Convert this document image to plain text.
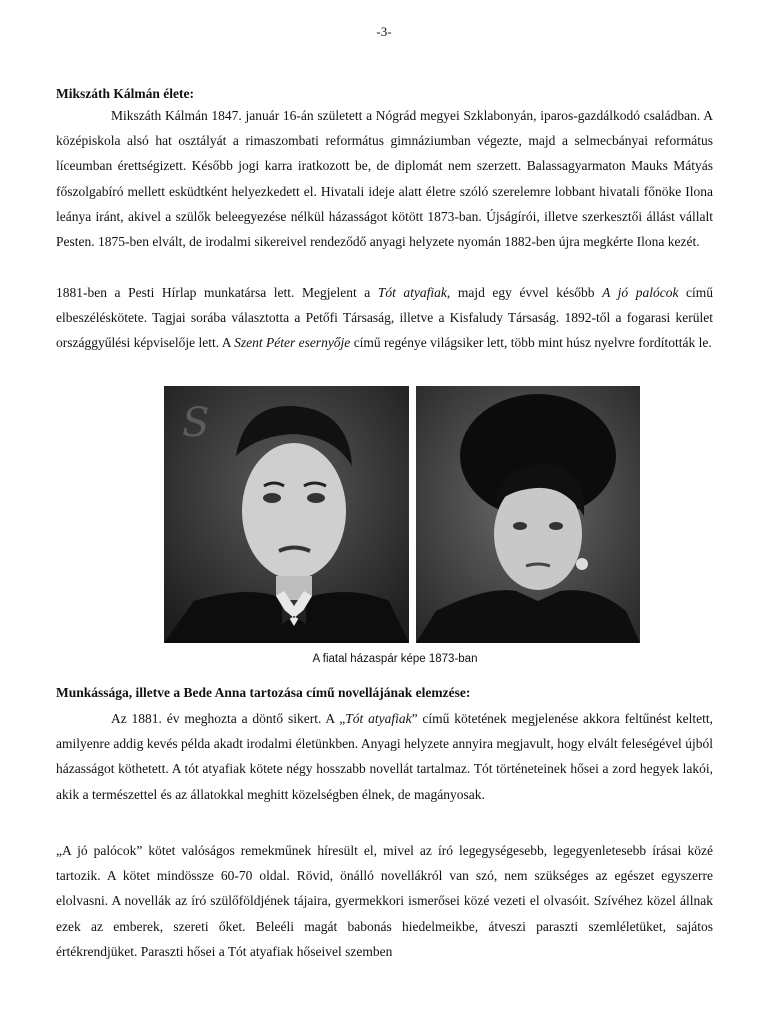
-3-
Mikszáth Kálmán élete:

Mikszáth Kálmán 1847. január 16-án született a Nógrád megyei Szklabonyán, iparos-gazdálkodó családban. A középiskola alsó hat osztályát a rimaszombati református gimnáziumban végezte, majd a selmecbányai református líceumban érettségizett. Később jogi karra iratkozott be, de diplomát nem szerzett. Balassagyarmaton Mauks Mátyás főszolgabíró mellett esküdtként helyezkedett el. Hivatali ideje alatt életre szóló szerelemre lobbant hivatali főnöke Ilona leánya iránt, akivel a szülők beleegyezése nélkül házasságot kötött 1873-ban. Újságírói, illetve szerkesztői állást vállalt Pesten. 1875-ben elvált, de irodalmi sikereivel rendeződő anyagi helyzete nyomán 1882-ben újra megkérte Ilona kezét.

1881-ben a Pesti Hírlap munkatársa lett. Megjelent a Tót atyafiak, majd egy évvel később A jó palócok című elbeszéléskötete. Tagjai sorába választotta a Petőfi Társaság, illetve a Kisfaludy Társaság. 1892-től a fogarasi kerület országgyűlési képviselője lett. A Szent Péter esernyője című regénye világsiker lett, több mint húsz nyelvre fordították le.

S
A fiatal házaspár képe 1873-ban
Munkássága, illetve a Bede Anna tartozása című novellájának elemzése:

Az 1881. év meghozta a döntő sikert. A „Tót atyafiak” című kötetének megjelenése akkora feltűnést keltett, amilyenre addig kevés példa akadt irodalmi életünkben. Anyagi helyzete annyira megjavult, hogy elvált feleségével újból házasságot köthetett. A tót atyafiak kötete négy hosszabb novellát tartalmaz. Tót történeteinek hősei a zord hegyek lakói, akik a természettel és az állatokkal meghitt közelségben élnek, de magányosak.

„A jó palócok” kötet valóságos remekműnek híresült el, mivel az író legegységesebb, legegyenletesebb írásai közé tartozik. A kötet mindössze 60-70 oldal. Rövid, önálló novellákról van szó, nem szükséges az egészet egyszerre elolvasni. A novellák az író szülőföldjének tájaira, gyermekkori ismerősei közé vezeti el olvasóit. Szívéhez közel állnak ezek az emberek, szereti őket. Beleéli magát babonás hiedelmeikbe, átveszi paraszti szemléletüket, sajátos értékrendjüket. Paraszti hősei a Tót atyafiak hőseivel szemben
